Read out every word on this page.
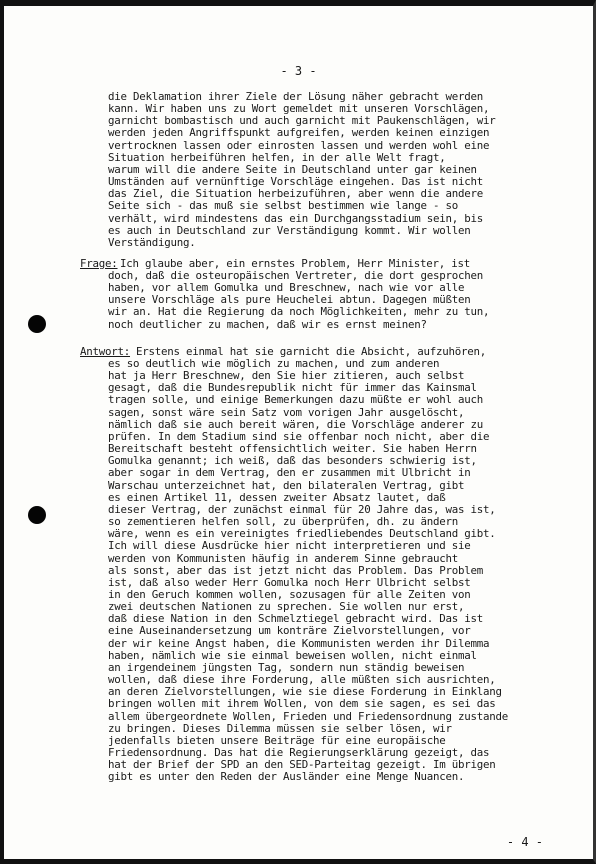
- 3 -
die Deklamation ihrer Ziele der Lösung näher gebracht werden
kann. Wir haben uns zu Wort gemeldet mit unseren Vorschlägen,
garnicht bombastisch und auch garnicht mit Paukenschlägen, wir
werden jeden Angriffspunkt aufgreifen, werden keinen einzigen
vertrocknen lassen oder einrosten lassen und werden wohl eine
Situation herbeiführen helfen, in der alle Welt fragt,
warum will die andere Seite in Deutschland unter gar keinen
Umständen auf vernünftige Vorschläge eingehen. Das ist nicht
das Ziel, die Situation herbeizuführen, aber wenn die andere
Seite sich - das muß sie selbst bestimmen wie lange - so
verhält, wird mindestens das ein Durchgangsstadium sein, bis
es auch in Deutschland zur Verständigung kommt. Wir wollen
Verständigung.
Frage: Ich glaube aber, ein ernstes Problem, Herr Minister, ist
doch, daß die osteuropäischen Vertreter, die dort gesprochen
haben, vor allem Gomulka und Breschnew, nach wie vor alle
unsere Vorschläge als pure Heuchelei abtun. Dagegen müßten
wir an. Hat die Regierung da noch Möglichkeiten, mehr zu tun,
noch deutlicher zu machen, daß wir es ernst meinen?
Antwort: Erstens einmal hat sie garnicht die Absicht, aufzuhören,
es so deutlich wie möglich zu machen, und zum anderen
hat ja Herr Breschnew, den Sie hier zitieren, auch selbst
gesagt, daß die Bundesrepublik nicht für immer das Kainsmal
tragen solle, und einige Bemerkungen dazu müßte er wohl auch
sagen, sonst wäre sein Satz vom vorigen Jahr ausgelöscht,
nämlich daß sie auch bereit wären, die Vorschläge anderer zu
prüfen. In dem Stadium sind sie offenbar noch nicht, aber die
Bereitschaft besteht offensichtlich weiter. Sie haben Herrn
Gomulka genannt; ich weiß, daß das besonders schwierig ist,
aber sogar in dem Vertrag, den er zusammen mit Ulbricht in
Warschau unterzeichnet hat, den bilateralen Vertrag, gibt
es einen Artikel 11, dessen zweiter Absatz lautet, daß
dieser Vertrag, der zunächst einmal für 20 Jahre das, was ist,
so zementieren helfen soll, zu überprüfen, dh. zu ändern
wäre, wenn es ein vereinigtes friedliebendes Deutschland gibt.
Ich will diese Ausdrücke hier nicht interpretieren und sie
werden von Kommunisten häufig in anderem Sinne gebraucht
als sonst, aber das ist jetzt nicht das Problem. Das Problem
ist, daß also weder Herr Gomulka noch Herr Ulbricht selbst
in den Geruch kommen wollen, sozusagen für alle Zeiten von
zwei deutschen Nationen zu sprechen. Sie wollen nur erst,
daß diese Nation in den Schmelztiegel gebracht wird. Das ist
eine Auseinandersetzung um konträre Zielvorstellungen, vor
der wir keine Angst haben, die Kommunisten werden ihr Dilemma
haben, nämlich wie sie einmal beweisen wollen, nicht einmal
an irgendeinem jüngsten Tag, sondern nun ständig beweisen
wollen, daß diese ihre Forderung, alle müßten sich ausrichten,
an deren Zielvorstellungen, wie sie diese Forderung in Einklang
bringen wollen mit ihrem Wollen, von dem sie sagen, es sei das
allem übergeordnete Wollen, Frieden und Friedensordnung zustande
zu bringen. Dieses Dilemma müssen sie selber lösen, wir
jedenfalls bieten unsere Beiträge für eine europäische
Friedensordnung. Das hat die Regierungserklärung gezeigt, das
hat der Brief der SPD an den SED-Parteitag gezeigt. Im übrigen
gibt es unter den Reden der Ausländer eine Menge Nuancen.
- 4 -
